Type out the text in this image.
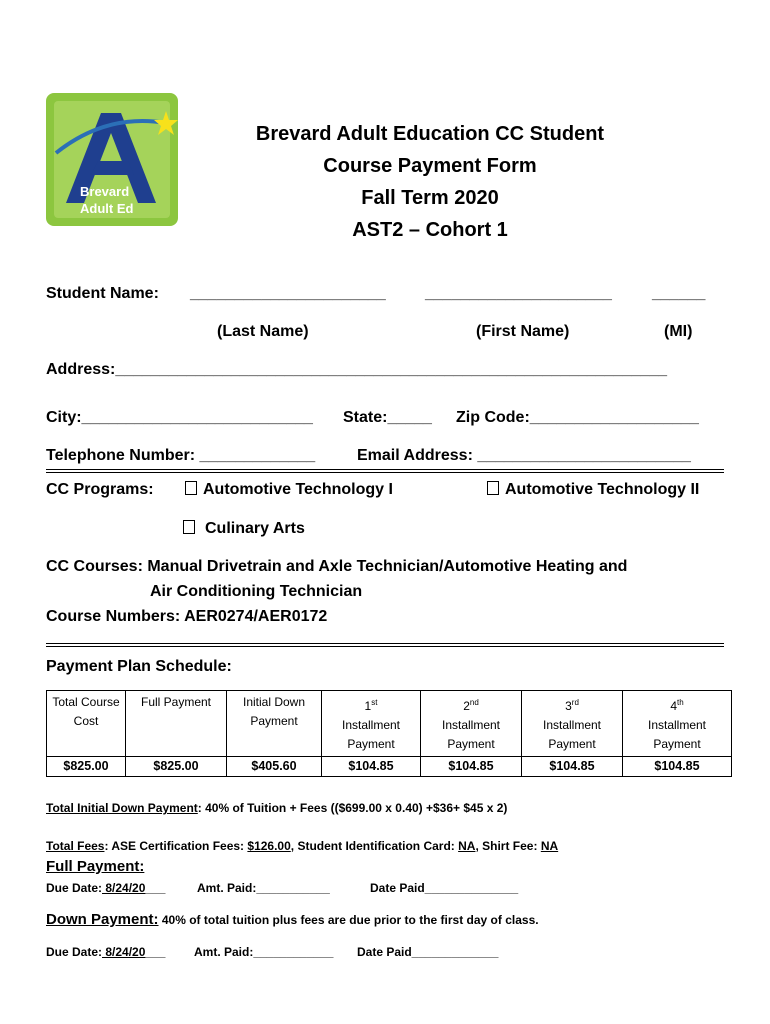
Brevard
Adult Ed
Brevard Adult Education CC Student
Course Payment Form
Fall Term 2020
AST2 – Cohort 1
Student Name: ______________________ _____________________	______
(Last Name)	(First Name)	(MI)
Address:______________________________________________________________
City:__________________________ State:_____ Zip Code:___________________
Telephone Number: _____________	Email Address: ________________________
CC Programs:	Automotive Technology I	Automotive Technology II
Culinary Arts
CC Courses: Manual Drivetrain and Axle Technician/Automotive Heating and
Air Conditioning Technician
Course Numbers: AER0274/AER0172
Payment Plan Schedule:
Total Course Cost	Full Payment	Initial Down Payment	1st
Installment
Payment	2nd
Installment
Payment	3rd
Installment
Payment	4th
Installment
Payment
$825.00	$825.00	$405.60	$104.85	$104.85	$104.85	$104.85
Total Initial Down Payment: 40% of Tuition + Fees (($699.00 x 0.40) +$36+ $45 x 2)
Total Fees: ASE Certification Fees: $126.00, Student Identification Card: NA, Shirt Fee: NA
Full Payment:
Due Date: 8/24/20___	Amt. Paid:___________	Date Paid______________
Down Payment: 40% of total tuition plus fees are due prior to the first day of class.
Due Date: 8/24/20___ Amt. Paid:____________ Date Paid_____________
